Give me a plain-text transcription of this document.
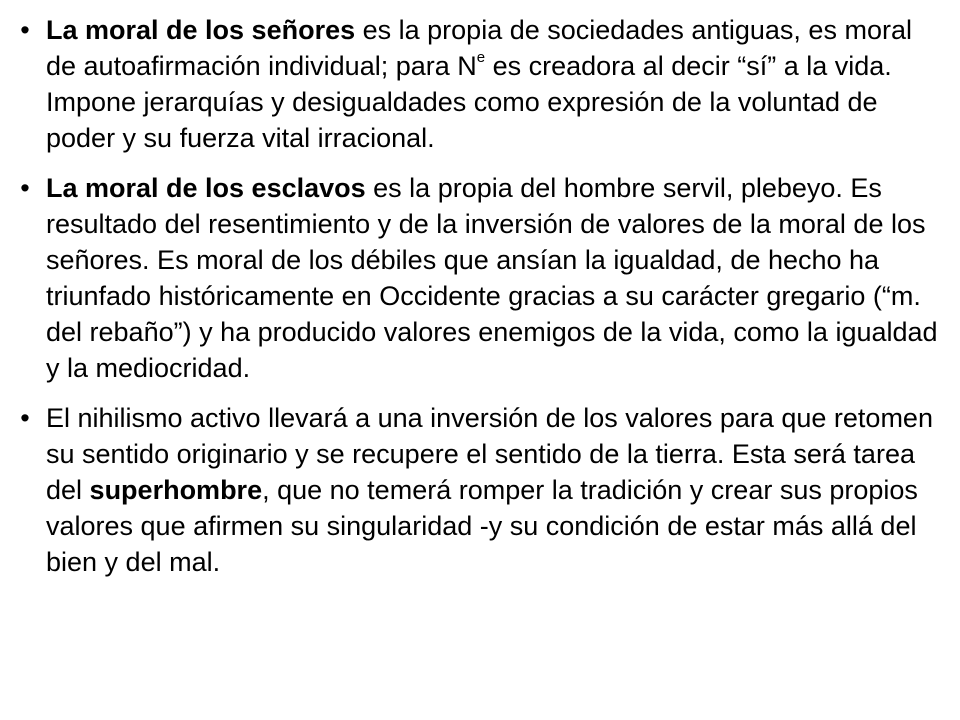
• La moral de los señores es la propia de sociedades antiguas, es moral de autoafirmación individual; para $N^e$ es creadora al decir “sí” a la vida. Impone jerarquías y desigualdades como expresión de la voluntad de poder y su fuerza vital irracional.
• La moral de los esclavos es la propia del hombre servil, plebeyo. Es resultado del resentimiento y de la inversión de valores de la moral de los señores. Es moral de los débiles que ansían la igualdad, de hecho ha triunfado históricamente en Occidente gracias a su carácter gregario (“m. del rebaño”) y ha producido valores enemigos de la vida, como la igualdad y la mediocridad.
• El nihilismo activo llevará a una inversión de los valores para que retomen su sentido originario y se recupere el sentido de la tierra. Esta será tarea del superhombre, que no temerá romper la tradición y crear sus propios valores que afirmen su singularidad -y su condición de estar más allá del bien y del mal.
